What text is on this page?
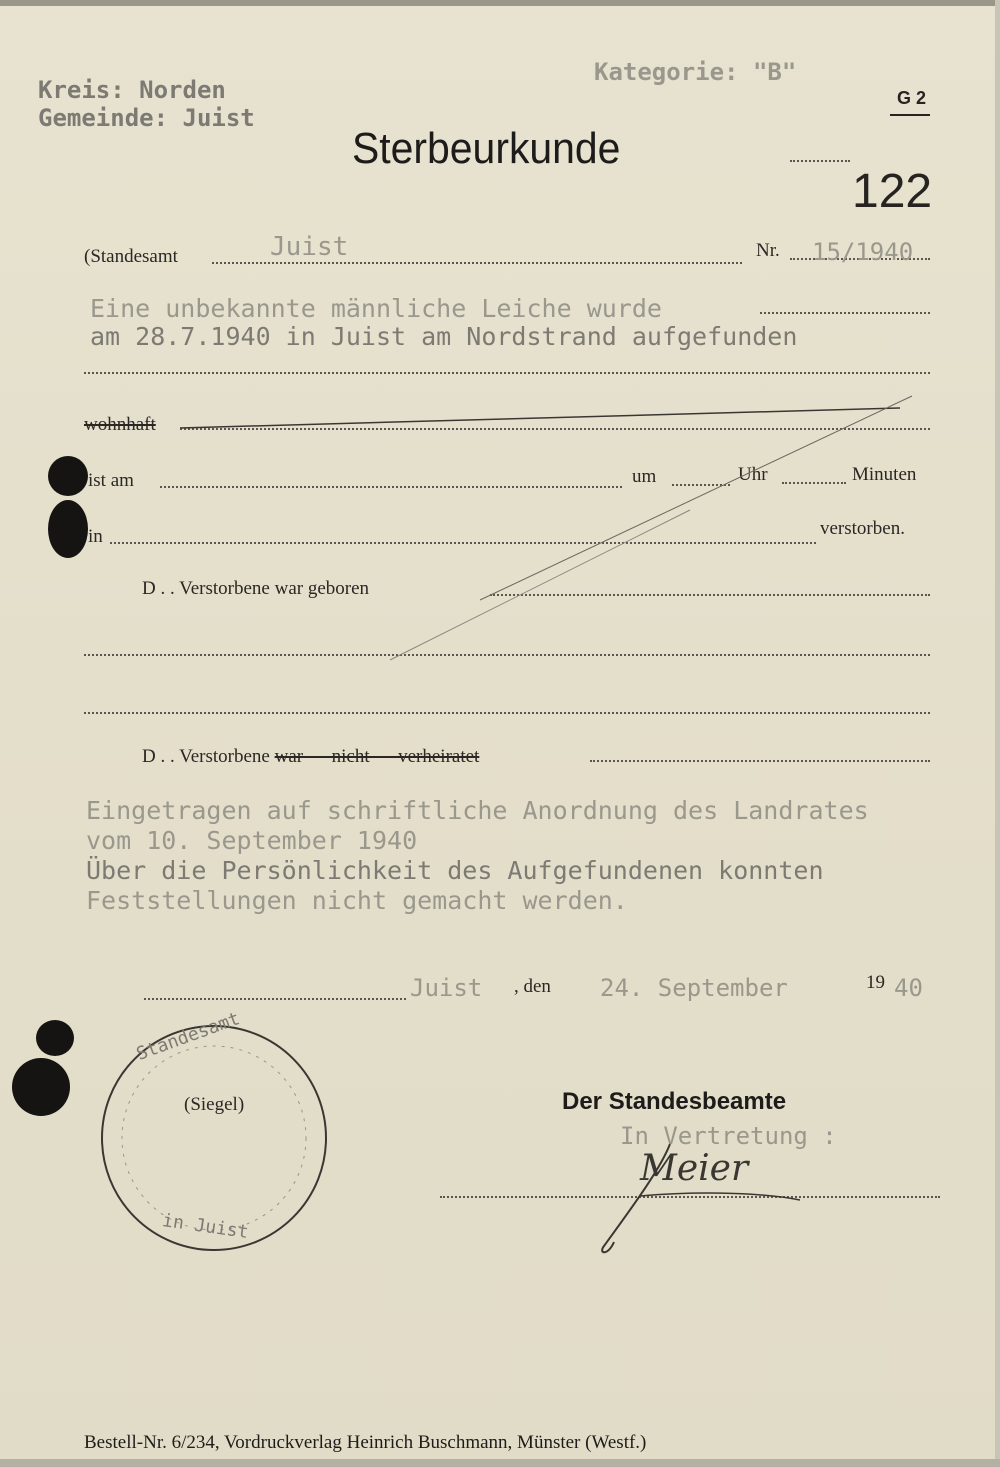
Kreis: Norden
Gemeinde: Juist
Kategorie: "B"
G 2
Sterbeurkunde
122
(Standesamt	Juist	Nr. 15/1940
Eine unbekannte männliche Leiche wurde
am 28.7.1940 in Juist am Nordstrand aufgefunden
wohnhaft
ist am	um	Uhr	Minuten
in	verstorben.
D . . Verstorbene war geboren
D . . Verstorbene war — nicht — verheiratet
Eingetragen auf schriftliche Anordnung des Landrates
vom 10. September 1940
Über die Persönlichkeit des Aufgefundenen konnten
Feststellungen nicht gemacht werden.
Juist , den 24. September	19 40
Standesamt
(Siegel)
in Juist
Der Standesbeamte
In Vertretung :
Meier
Bestell-Nr. 6/234, Vordruckverlag Heinrich Buschmann, Münster (Westf.)
